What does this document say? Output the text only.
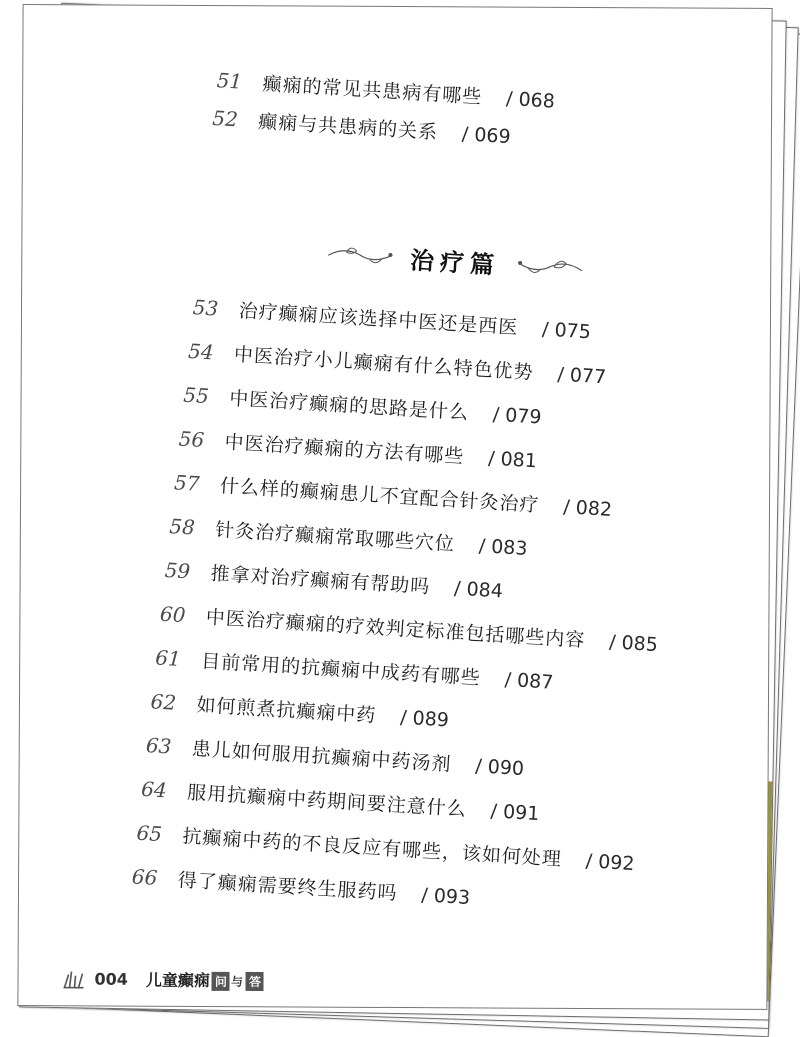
51	癫痫的常见共患病有哪些 / 068
52	癫痫与共患病的关系 / 069
治疗篇
53	治疗癫痫应该选择中医还是西医 / 075
54	中医治疗小儿癫痫有什么特色优势 / 077
55	中医治疗癫痫的思路是什么 / 079
56	中医治疗癫痫的方法有哪些 / 081
57	什么样的癫痫患儿不宜配合针灸治疗 / 082
58	针灸治疗癫痫常取哪些穴位 / 083
59	推拿对治疗癫痫有帮助吗 / 084
60	中医治疗癫痫的疗效判定标准包括哪些内容 / 085
61	目前常用的抗癫痫中成药有哪些 / 087
62	如何煎煮抗癫痫中药 / 089
63	患儿如何服用抗癫痫中药汤剂 / 090
64	服用抗癫痫中药期间要注意什么 / 091
65	抗癫痫中药的不良反应有哪些，该如何处理 / 092
66	得了癫痫需要终生服药吗 / 093
004 儿童癫痫 问 与 答
